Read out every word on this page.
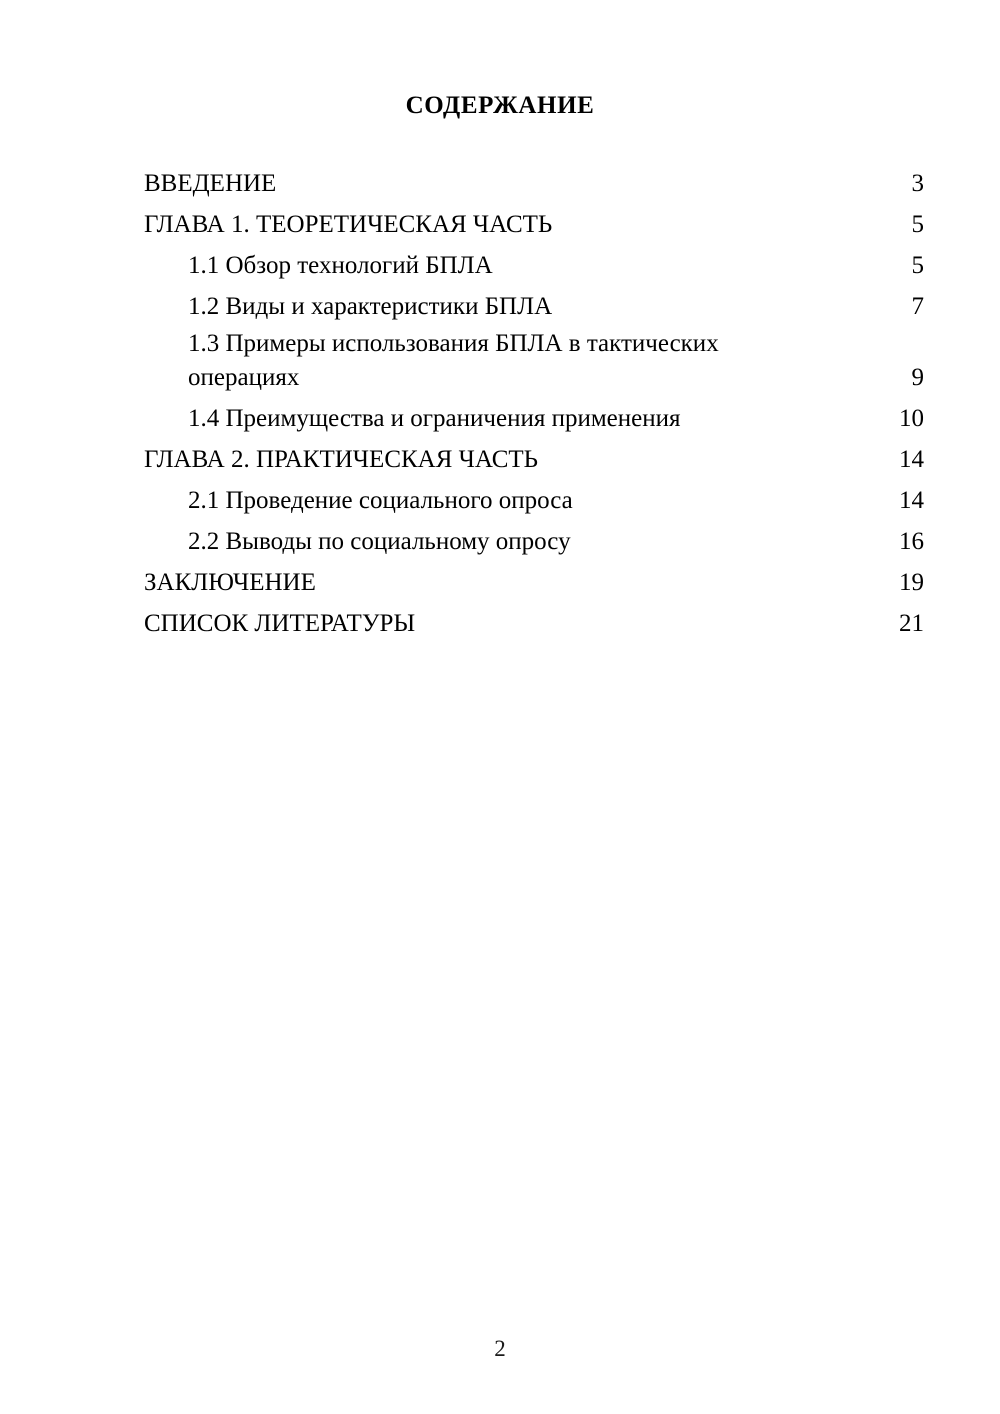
СОДЕРЖАНИЕ
ВВЕДЕНИЕ	3
ГЛАВА 1. ТЕОРЕТИЧЕСКАЯ ЧАСТЬ	5
1.1 Обзор технологий БПЛА	5
1.2 Виды и характеристики БПЛА	7
1.3 Примеры использования БПЛА в тактических операциях	9
1.4 Преимущества и ограничения применения	10
ГЛАВА 2. ПРАКТИЧЕСКАЯ ЧАСТЬ	14
2.1 Проведение социального опроса	14
2.2 Выводы по социальному опросу	16
ЗАКЛЮЧЕНИЕ	19
СПИСОК ЛИТЕРАТУРЫ	21
2
